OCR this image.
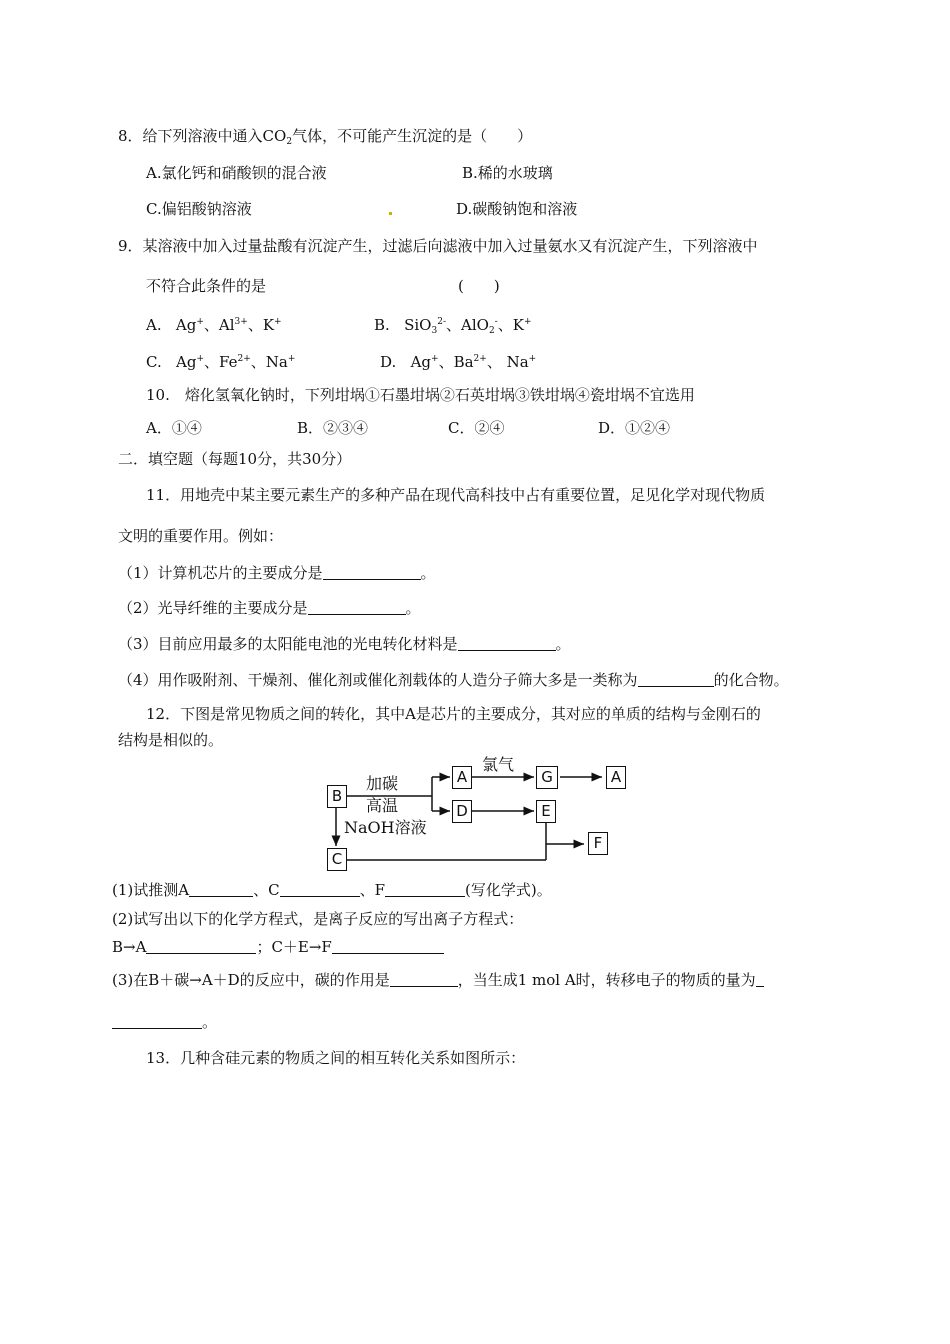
8．给下列溶液中通入$CO_2$气体，不可能产生沉淀的是（　　）
A.氯化钙和硝酸钡的混合液	B.稀的水玻璃
C.偏铝酸钠溶液	D.碳酸钠饱和溶液
9．某溶液中加入过量盐酸有沉淀产生，过滤后向滤液中加入过量氨水又有沉淀产生，下列溶液中
不符合此条件的是	(　　)
A. Ag+、$Al^{3+}$、K+	B. SiO$_3^{2-}$、AlO$_2$-、K+
C. Ag+、$Fe^{2+}$、Na+	D. Ag+、$Ba^{2+}$、 Na+
10.　熔化氢氧化钠时，下列坩埚①石墨坩埚②石英坩埚③铁坩埚④瓷坩埚不宜选用
A．①④	B．②③④	C．②④	D．①②④
二．填空题（每题10分，共30分）
11．用地壳中某主要元素生产的多种产品在现代高科技中占有重要位置，足见化学对现代物质
文明的重要作用。例如：
（1）计算机芯片的主要成分是	。
（2）光导纤维的主要成分是	。
（3）目前应用最多的太阳能电池的光电转化材料是	。
（4）用作吸附剂、干燥剂、催化剂或催化剂载体的人造分子筛大多是一类称为	的化合物。
12．下图是常见物质之间的转化，其中A是芯片的主要成分，其对应的单质的结构与金刚石的
结构是相似的。
B
A	G	A
D	E
C
F
加碳
高温
氯气
NaOH溶液
(1)试推测A	、C	、F	(写化学式)。
(2)试写出以下的化学方程式，是离子反应的写出离子方程式：
B→A	；C＋E→F
(3)在B＋碳→A＋D的反应中，碳的作用是	，当生成1 mol A时，转移电子的物质的量为
。
13．几种含硅元素的物质之间的相互转化关系如图所示：
